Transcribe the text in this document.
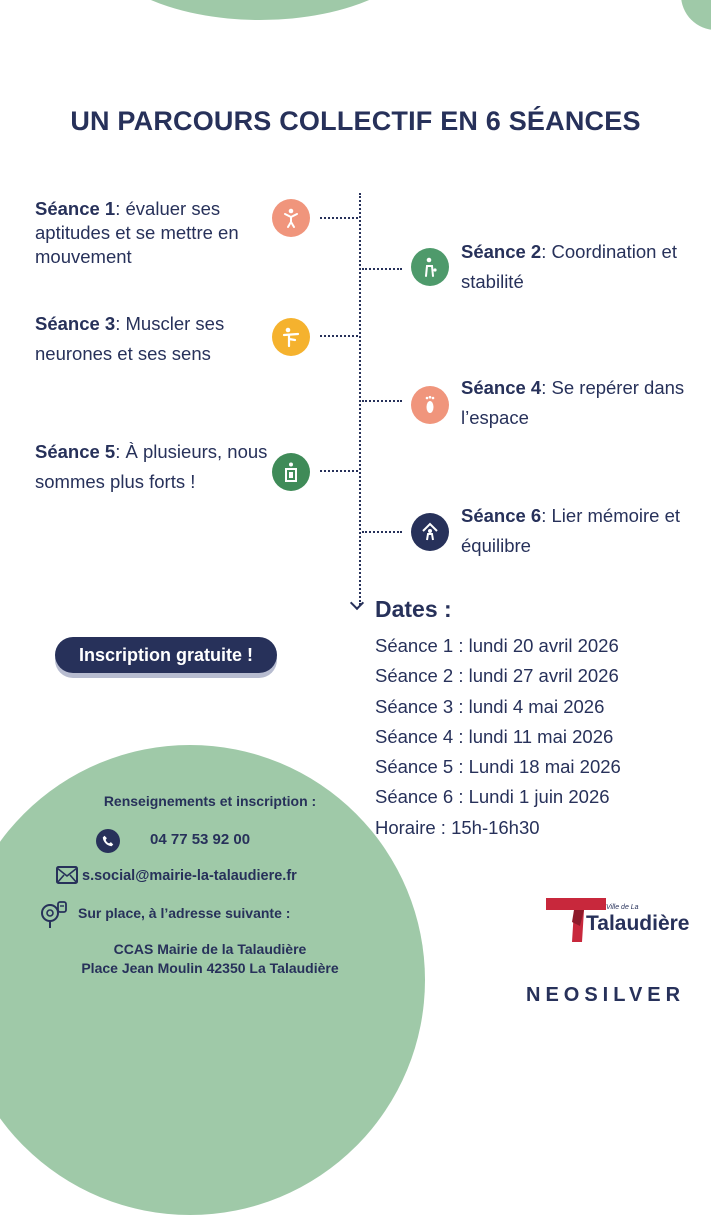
UN PARCOURS COLLECTIF EN 6 SÉANCES
Séance 1: évaluer ses aptitudes et se mettre en mouvement	Séance 2: Coordination et stabilité
Séance 3: Muscler ses neurones et ses sens
Séance 4: Se repérer dans l’espace
Séance 5: À plusieurs, nous sommes plus forts !
Séance 6: Lier mémoire et équilibre
Dates :
Séance 1 : lundi 20 avril 2026
Séance 2 : lundi 27 avril 2026
Séance 3 : lundi 4 mai 2026
Séance 4 : lundi 11 mai 2026
Séance 5 : Lundi 18 mai 2026
Séance 6 : Lundi 1 juin 2026
Horaire : 15h-16h30
Inscription gratuite !
Renseignements et inscription :
04 77 53 92 00
s.social@mairie-la-talaudiere.fr
Sur place, à l’adresse suivante :
CCAS Mairie de la Talaudière
Place Jean Moulin 42350 La Talaudière
Ville de La
Talaudière
NEOSILVER
